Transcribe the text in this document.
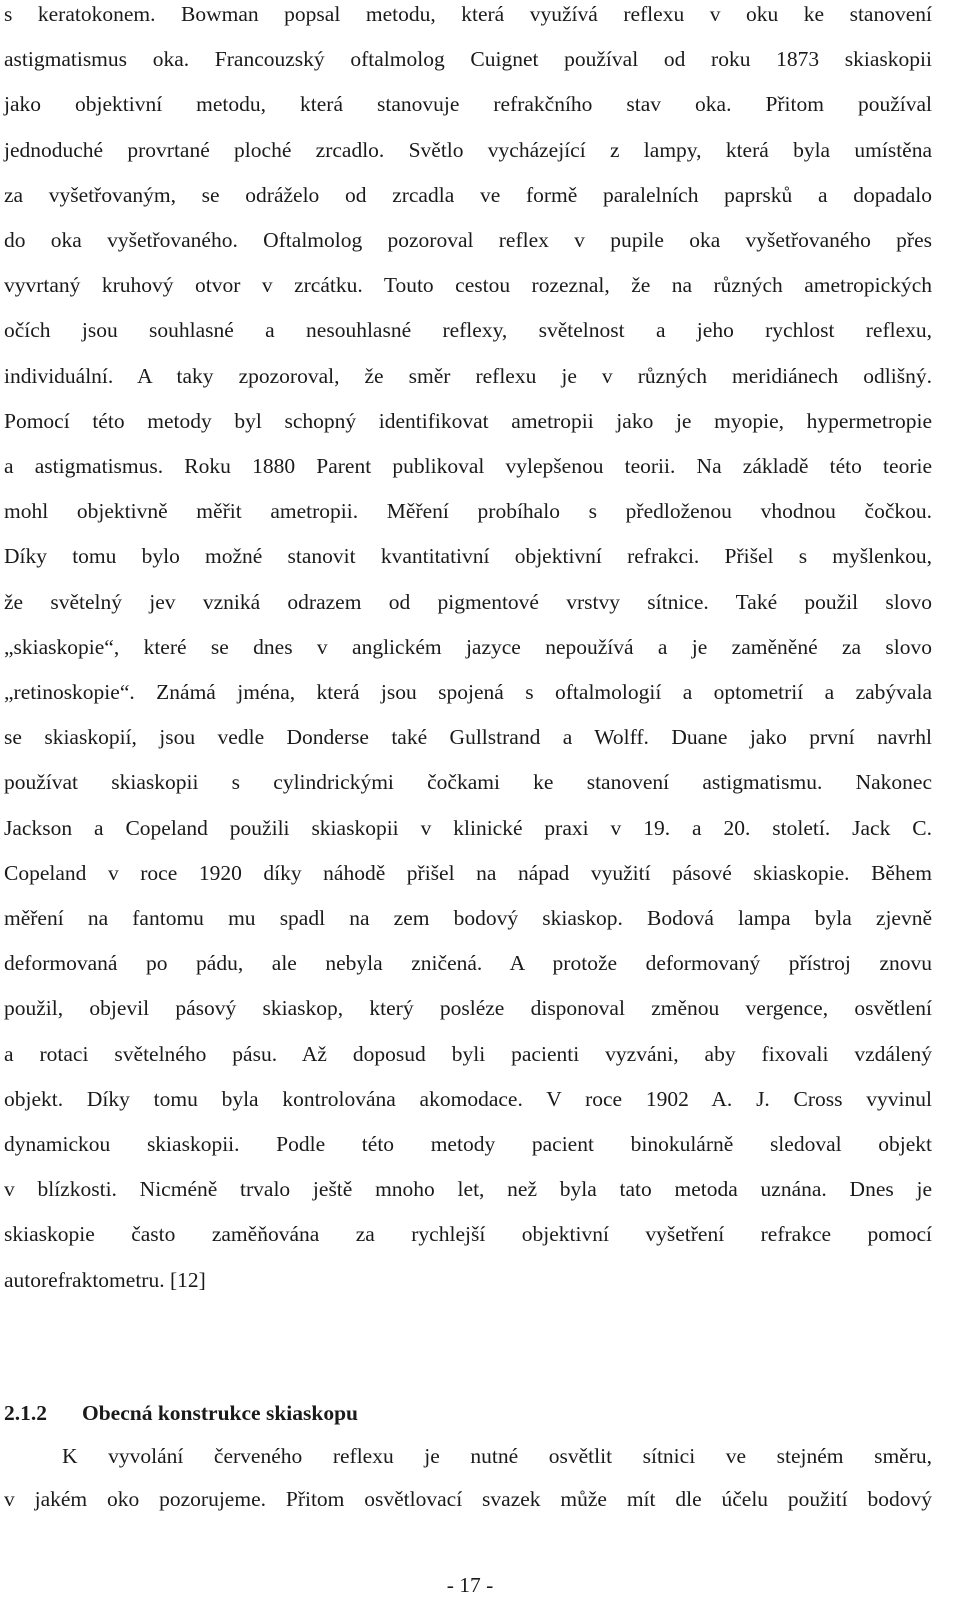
s keratokonem. Bowman popsal metodu, která využívá reflexu v oku ke stanovení
astigmatismus oka. Francouzský oftalmolog Cuignet používal od roku 1873 skiaskopii
jako objektivní metodu, která stanovuje refrakčního stav oka. Přitom používal
jednoduché provrtané ploché zrcadlo. Světlo vycházející z lampy, která byla umístěna
za vyšetřovaným, se odráželo od zrcadla ve formě paralelních paprsků a dopadalo
do oka vyšetřovaného. Oftalmolog pozoroval reflex v pupile oka vyšetřovaného přes
vyvrtaný kruhový otvor v zrcátku. Touto cestou rozeznal, že na různých ametropických
očích jsou souhlasné a nesouhlasné reflexy, světelnost a jeho rychlost reflexu,
individuální. A taky zpozoroval, že směr reflexu je v různých meridiánech odlišný.
Pomocí této metody byl schopný identifikovat ametropii jako je myopie, hypermetropie
a astigmatismus. Roku 1880 Parent publikoval vylepšenou teorii. Na základě této teorie
mohl objektivně měřit ametropii. Měření probíhalo s předloženou vhodnou čočkou.
Díky tomu bylo možné stanovit kvantitativní objektivní refrakci. Přišel s myšlenkou,
že světelný jev vzniká odrazem od pigmentové vrstvy sítnice. Také použil slovo
„skiaskopie“, které se dnes v anglickém jazyce nepoužívá a je zaměněné za slovo
„retinoskopie“. Známá jména, která jsou spojená s oftalmologií a optometrií a zabývala
se skiaskopií, jsou vedle Donderse také Gullstrand a Wolff. Duane jako první navrhl
používat skiaskopii s cylindrickými čočkami ke stanovení astigmatismu. Nakonec
Jackson a Copeland použili skiaskopii v klinické praxi v 19. a 20. století. Jack C.
Copeland v roce 1920 díky náhodě přišel na nápad využití pásové skiaskopie. Během
měření na fantomu mu spadl na zem bodový skiaskop. Bodová lampa byla zjevně
deformovaná po pádu, ale nebyla zničená. A protože deformovaný přístroj znovu
použil, objevil pásový skiaskop, který posléze disponoval změnou vergence, osvětlení
a rotaci světelného pásu. Až doposud byli pacienti vyzváni, aby fixovali vzdálený
objekt. Díky tomu byla kontrolována akomodace. V roce 1902 A. J. Cross vyvinul
dynamickou skiaskopii. Podle této metody pacient binokulárně sledoval objekt
v blízkosti. Nicméně trvalo ještě mnoho let, než byla tato metoda uznána. Dnes je
skiaskopie často zaměňována za rychlejší objektivní vyšetření refrakce pomocí
autorefraktometru. [12]
2.1.2 Obecná konstrukce skiaskopu
K vyvolání červeného reflexu je nutné osvětlit sítnici ve stejném směru,
v jakém oko pozorujeme. Přitom osvětlovací svazek může mít dle účelu použití bodový
- 17 -
